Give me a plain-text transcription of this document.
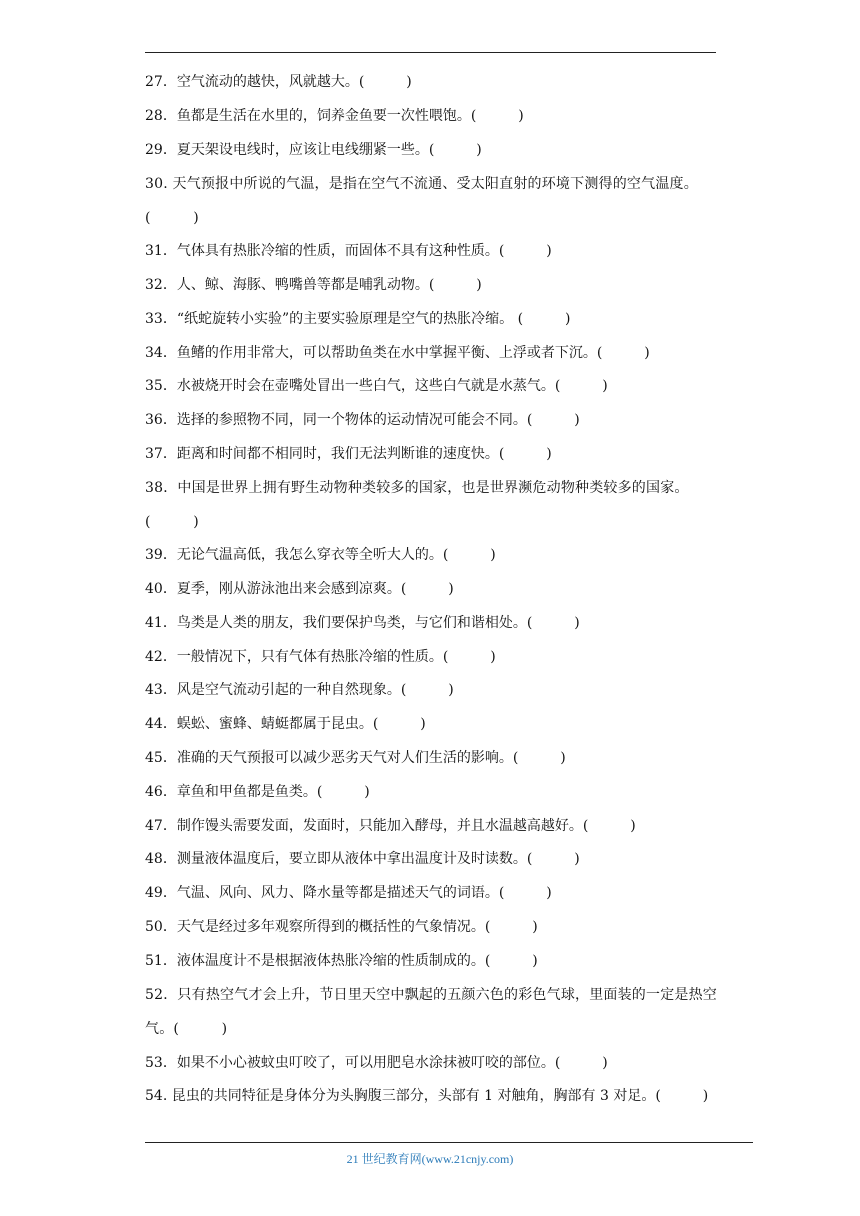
27．空气流动的越快，风就越大。(　　　)
28．鱼都是生活在水里的，饲养金鱼要一次性喂饱。(　　　)
29．夏天架设电线时，应该让电线绷紧一些。(　　　)
30. 天气预报中所说的气温，是指在空气不流通、受太阳直射的环境下测得的空气温度。(　　　)
31．气体具有热胀冷缩的性质，而固体不具有这种性质。(　　　)
32．人、鲸、海豚、鸭嘴兽等都是哺乳动物。(　　　)
33．“纸蛇旋转小实验”的主要实验原理是空气的热胀冷缩。 (　　　)
34．鱼鳍的作用非常大，可以帮助鱼类在水中掌握平衡、上浮或者下沉。(　　　)
35．水被烧开时会在壶嘴处冒出一些白气，这些白气就是水蒸气。(　　　)
36．选择的参照物不同，同一个物体的运动情况可能会不同。(　　　)
37．距离和时间都不相同时，我们无法判断谁的速度快。(　　　)
38．中国是世界上拥有野生动物种类较多的国家，也是世界濒危动物种类较多的国家。(　　　)
39．无论气温高低，我怎么穿衣等全听大人的。(　　　)
40．夏季，刚从游泳池出来会感到凉爽。(　　　)
41．鸟类是人类的朋友，我们要保护鸟类，与它们和谐相处。(　　　)
42．一般情况下，只有气体有热胀冷缩的性质。(　　　)
43．风是空气流动引起的一种自然现象。(　　　)
44．蜈蚣、蜜蜂、蜻蜓都属于昆虫。(　　　)
45．准确的天气预报可以减少恶劣天气对人们生活的影响。(　　　)
46．章鱼和甲鱼都是鱼类。(　　　)
47．制作馒头需要发面，发面时，只能加入酵母，并且水温越高越好。(　　　)
48．测量液体温度后，要立即从液体中拿出温度计及时读数。(　　　)
49．气温、风向、风力、降水量等都是描述天气的词语。(　　　)
50．天气是经过多年观察所得到的概括性的气象情况。(　　　)
51．液体温度计不是根据液体热胀冷缩的性质制成的。(　　　)
52．只有热空气才会上升，节日里天空中飘起的五颜六色的彩色气球，里面装的一定是热空气。(　　　)
53．如果不小心被蚊虫叮咬了，可以用肥皂水涂抹被叮咬的部位。(　　　)
54. 昆虫的共同特征是身体分为头胸腹三部分，头部有 1 对触角，胸部有 3 对足。(　　　)
21 世纪教育网(www.21cnjy.com)
